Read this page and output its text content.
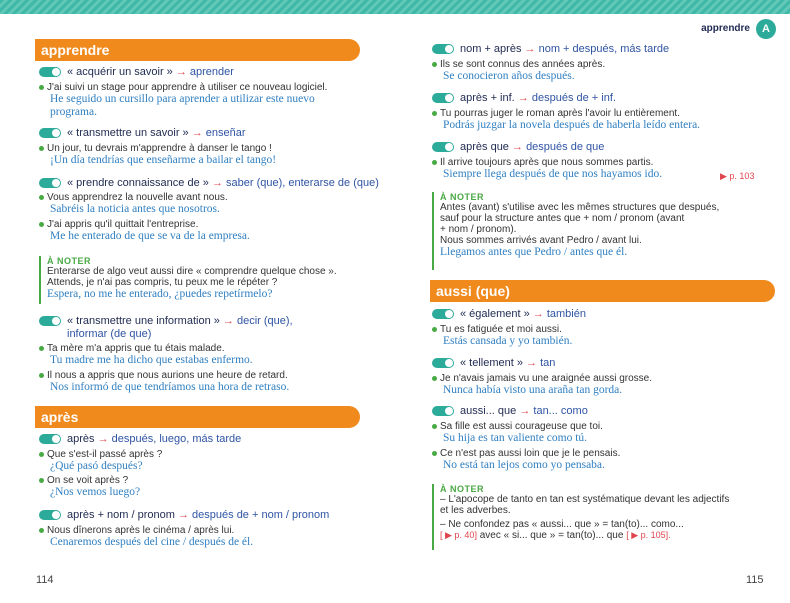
apprendre	A
apprendre
« acquérir un savoir » → aprender
J'ai suivi un stage pour apprendre à utiliser ce nouveau logiciel.
He seguido un cursillo para aprender a utilizar este nuevo
programa.
« transmettre un savoir » → enseñar
Un jour, tu devrais m'apprendre à danser le tango !
¡Un día tendrías que enseñarme a bailar el tango!
« prendre connaissance de » → saber (que), enterarse de (que)
Vous apprendrez la nouvelle avant nous.
Sabréis la noticia antes que nosotros.
J'ai appris qu'il quittait l'entreprise.
Me he enterado de que se va de la empresa.
À NOTER
Enterarse de algo veut aussi dire « comprendre quelque chose ».
Attends, je n'ai pas compris, tu peux me le répéter ?
Espera, no me he enterado, ¿puedes repetírmelo?
« transmettre une information » → decir (que),
informar (de que)
Ta mère m'a appris que tu étais malade.
Tu madre me ha dicho que estabas enfermo.
Il nous a appris que nous aurions une heure de retard.
Nos informó de que tendríamos una hora de retraso.
après
après → después, luego, más tarde
Que s'est-il passé après ?
¿Qué pasó después?
On se voit après ?
¿Nos vemos luego?
après + nom / pronom → después de + nom / pronom
Nous dînerons après le cinéma / après lui.
Cenaremos después del cine / después de él.
nom + après → nom + después, más tarde
Ils se sont connus des années après.
Se conocieron años después.
après + inf. → después de + inf.
Tu pourras juger le roman après l'avoir lu entièrement.
Podrás juzgar la novela después de haberla leído entera.
après que → después de que
Il arrive toujours après que nous sommes partis.
Siempre llega después de que nos hayamos ido.	▶ p. 103
À NOTER
Antes (avant) s'utilise avec les mêmes structures que después,
sauf pour la structure antes que + nom / pronom (avant
+ nom / pronom).
Nous sommes arrivés avant Pedro / avant lui.
Llegamos antes que Pedro / antes que él.
aussi (que)
« également » → también
Tu es fatiguée et moi aussi.
Estás cansada y yo también.
« tellement » → tan
Je n'avais jamais vu une araignée aussi grosse.
Nunca había visto una araña tan gorda.
aussi... que → tan... como
Sa fille est aussi courageuse que toi.
Su hija es tan valiente como tú.
Ce n'est pas aussi loin que je le pensais.
No está tan lejos como yo pensaba.
À NOTER
– L'apocope de tanto en tan est systématique devant les adjectifs
et les adverbes.
– Ne confondez pas « aussi... que » = tan(to)... como...
[ ▶ p. 40] avec « si... que » = tan(to)... que [ ▶ p. 105].
114	115
